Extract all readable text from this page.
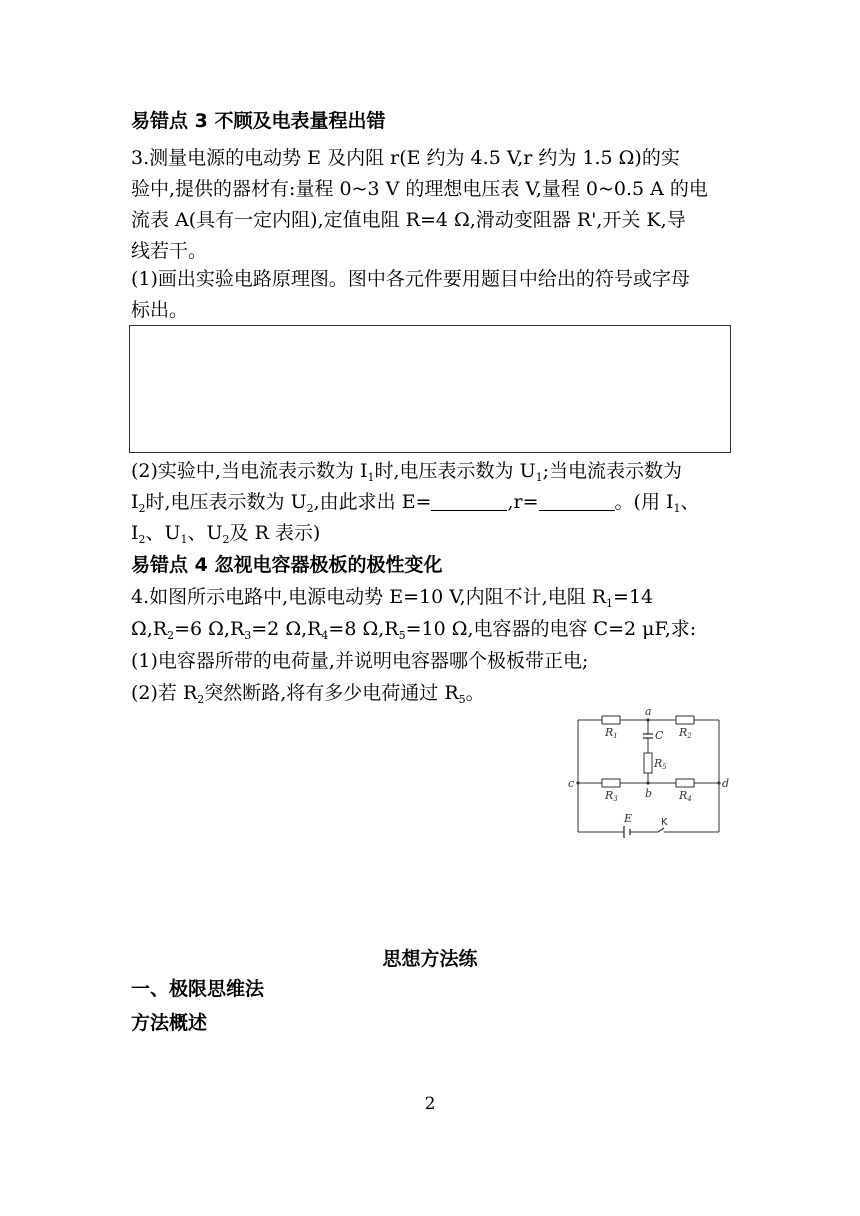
易错点 3 不顾及电表量程出错
3.测量电源的电动势 E 及内阻 r(E 约为 4.5 V,r 约为 1.5 Ω)的实
验中,提供的器材有:量程 0~3 V 的理想电压表 V,量程 0~0.5 A 的电
流表 A(具有一定内阻),定值电阻 R=4 Ω,滑动变阻器 R',开关 K,导
线若干。
(1)画出实验电路原理图。图中各元件要用题目中给出的符号或字母
标出。
(2)实验中,当电流表示数为 $I_1$时,电压表示数为 $U_1$;当电流表示数为
$I_2$时,电压表示数为 $U_2$,由此求出 E=	,r=	。(用 $I_1$、
$I_2$、$U_1$、$U_2$及 R 表示)
易错点 4 忽视电容器极板的极性变化
4.如图所示电路中,电源电动势 E=10 V,内阻不计,电阻 $R_1=14$
$\Omega,R_2=6$ $\Omega,R_3=2$ $\Omega,R_4=8$ $\Omega,R_5=10$ Ω,电容器的电容 C=2 μF,求:
(1)电容器所带的电荷量,并说明电容器哪个极板带正电;
(2)若 $R_2$突然断路,将有多少电荷通过 $R_5$。
a
b
c	d
C
R1	R2
R3	R4
R5
E	K
思想方法练
一、极限思维法
方法概述
2
